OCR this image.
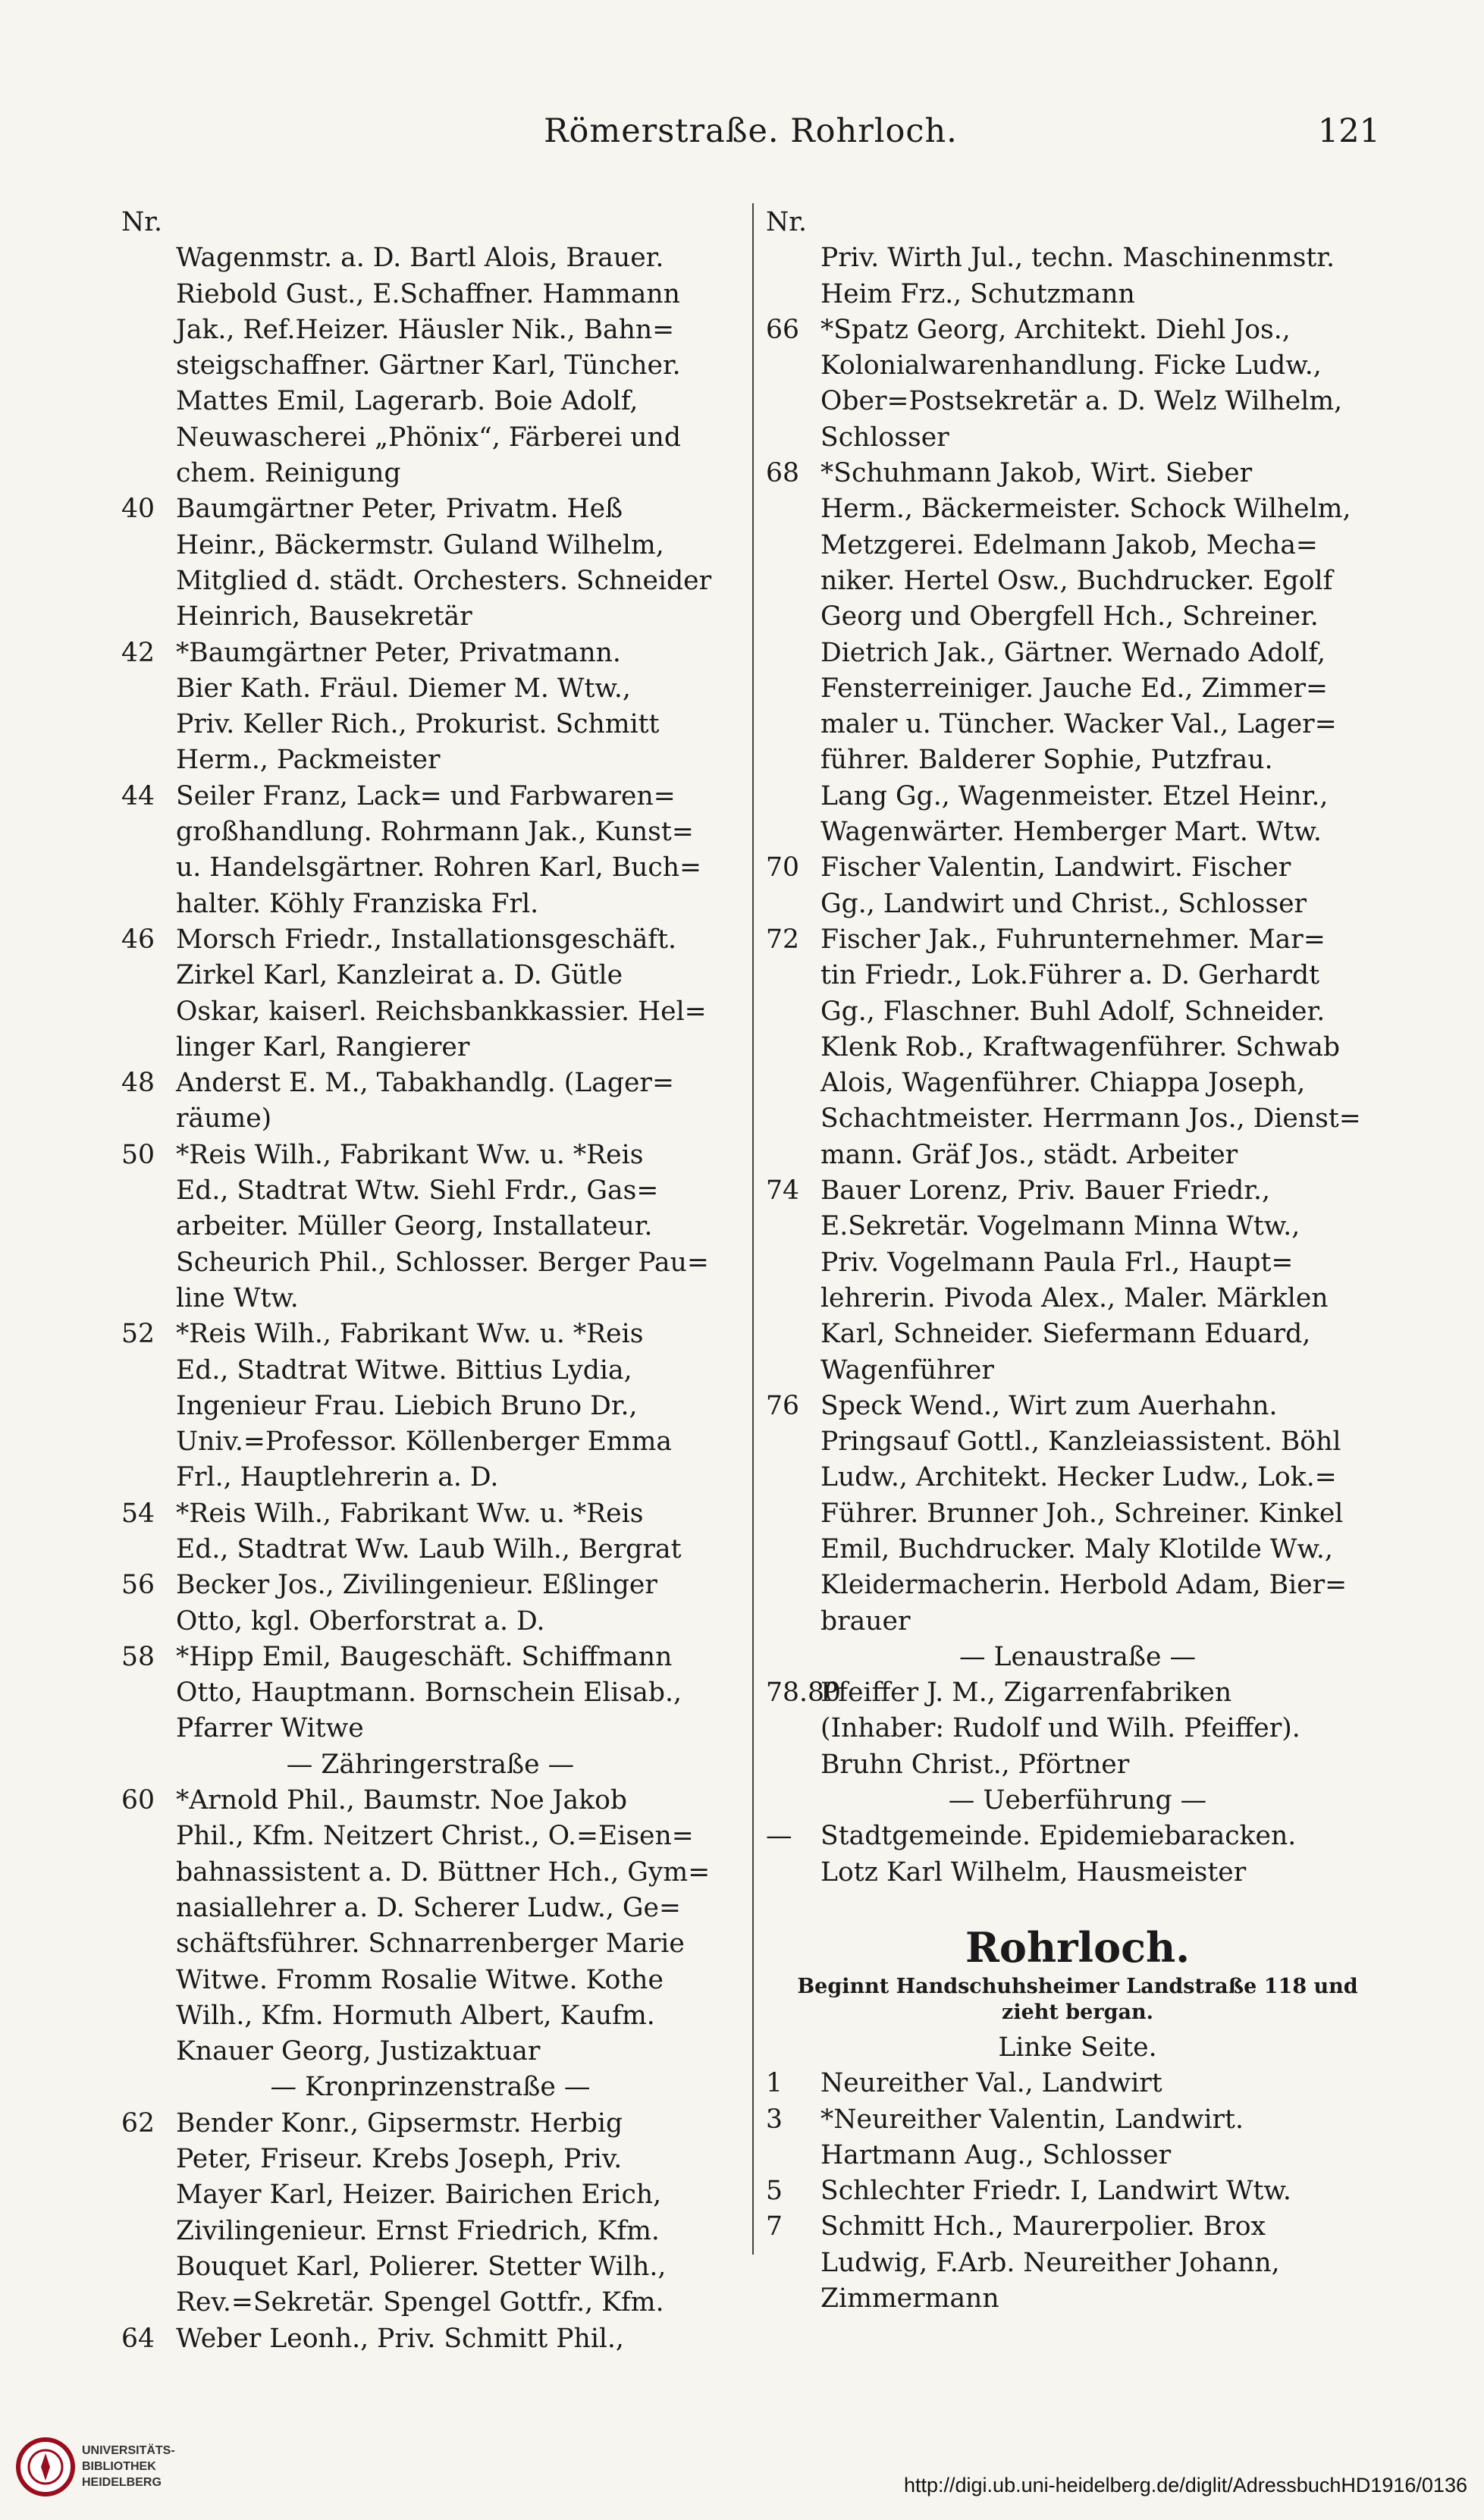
Römerstraße. Rohrloch.	121
Nr.
Wagenmstr. a. D. Bartl Alois, Brauer.
Riebold Gust., E.Schaffner. Hammann
Jak., Ref.Heizer. Häusler Nik., Bahn=
steigschaffner. Gärtner Karl, Tüncher.
Mattes Emil, Lagerarb. Boie Adolf,
Neuwascherei „Phönix“, Färberei und
chem. Reinigung
40 Baumgärtner Peter, Privatm. Heß
Heinr., Bäckermstr. Guland Wilhelm,
Mitglied d. städt. Orchesters. Schneider
Heinrich, Bausekretär
42 *Baumgärtner Peter, Privatmann.
Bier Kath. Fräul. Diemer M. Wtw.,
Priv. Keller Rich., Prokurist. Schmitt
Herm., Packmeister
44 Seiler Franz, Lack= und Farbwaren=
großhandlung. Rohrmann Jak., Kunst=
u. Handelsgärtner. Rohren Karl, Buch=
halter. Köhly Franziska Frl.
46 Morsch Friedr., Installationsgeschäft.
Zirkel Karl, Kanzleirat a. D. Gütle
Oskar, kaiserl. Reichsbankkassier. Hel=
linger Karl, Rangierer
48 Anderst E. M., Tabakhandlg. (Lager=
räume)
50 *Reis Wilh., Fabrikant Ww. u. *Reis
Ed., Stadtrat Wtw. Siehl Frdr., Gas=
arbeiter. Müller Georg, Installateur.
Scheurich Phil., Schlosser. Berger Pau=
line Wtw.
52 *Reis Wilh., Fabrikant Ww. u. *Reis
Ed., Stadtrat Witwe. Bittius Lydia,
Ingenieur Frau. Liebich Bruno Dr.,
Univ.=Professor. Köllenberger Emma
Frl., Hauptlehrerin a. D.
54 *Reis Wilh., Fabrikant Ww. u. *Reis
Ed., Stadtrat Ww. Laub Wilh., Bergrat
56 Becker Jos., Zivilingenieur. Eßlinger
Otto, kgl. Oberforstrat a. D.
58 *Hipp Emil, Baugeschäft. Schiffmann
Otto, Hauptmann. Bornschein Elisab.,
Pfarrer Witwe
— Zähringerstraße —
60 *Arnold Phil., Baumstr. Noe Jakob
Phil., Kfm. Neitzert Christ., O.=Eisen=
bahnassistent a. D. Büttner Hch., Gym=
nasiallehrer a. D. Scherer Ludw., Ge=
schäftsführer. Schnarrenberger Marie
Witwe. Fromm Rosalie Witwe. Kothe
Wilh., Kfm. Hormuth Albert, Kaufm.
Knauer Georg, Justizaktuar
— Kronprinzenstraße —
62 Bender Konr., Gipsermstr. Herbig
Peter, Friseur. Krebs Joseph, Priv.
Mayer Karl, Heizer. Bairichen Erich,
Zivilingenieur. Ernst Friedrich, Kfm.
Bouquet Karl, Polierer. Stetter Wilh.,
Rev.=Sekretär. Spengel Gottfr., Kfm.
64 Weber Leonh., Priv. Schmitt Phil.,
Nr.
Priv. Wirth Jul., techn. Maschinenmstr.
Heim Frz., Schutzmann
66 *Spatz Georg, Architekt. Diehl Jos.,
Kolonialwarenhandlung. Ficke Ludw.,
Ober=Postsekretär a. D. Welz Wilhelm,
Schlosser
68 *Schuhmann Jakob, Wirt. Sieber
Herm., Bäckermeister. Schock Wilhelm,
Metzgerei. Edelmann Jakob, Mecha=
niker. Hertel Osw., Buchdrucker. Egolf
Georg und Obergfell Hch., Schreiner.
Dietrich Jak., Gärtner. Wernado Adolf,
Fensterreiniger. Jauche Ed., Zimmer=
maler u. Tüncher. Wacker Val., Lager=
führer. Balderer Sophie, Putzfrau.
Lang Gg., Wagenmeister. Etzel Heinr.,
Wagenwärter. Hemberger Mart. Wtw.
70 Fischer Valentin, Landwirt. Fischer
Gg., Landwirt und Christ., Schlosser
72 Fischer Jak., Fuhrunternehmer. Mar=
tin Friedr., Lok.Führer a. D. Gerhardt
Gg., Flaschner. Buhl Adolf, Schneider.
Klenk Rob., Kraftwagenführer. Schwab
Alois, Wagenführer. Chiappa Joseph,
Schachtmeister. Herrmann Jos., Dienst=
mann. Gräf Jos., städt. Arbeiter
74 Bauer Lorenz, Priv. Bauer Friedr.,
E.Sekretär. Vogelmann Minna Wtw.,
Priv. Vogelmann Paula Frl., Haupt=
lehrerin. Pivoda Alex., Maler. Märklen
Karl, Schneider. Siefermann Eduard,
Wagenführer
76 Speck Wend., Wirt zum Auerhahn.
Pringsauf Gottl., Kanzleiassistent. Böhl
Ludw., Architekt. Hecker Ludw., Lok.=
Führer. Brunner Joh., Schreiner. Kinkel
Emil, Buchdrucker. Maly Klotilde Ww.,
Kleidermacherin. Herbold Adam, Bier=
brauer
— Lenaustraße —
78.80
Pfeiffer J. M., Zigarrenfabriken
(Inhaber: Rudolf und Wilh. Pfeiffer).
Bruhn Christ., Pförtner
— Ueberführung —
—	Stadtgemeinde. Epidemiebaracken.
Lotz Karl Wilhelm, Hausmeister
Rohrloch.
Beginnt Handschuhsheimer Landstraße 118 und
zieht bergan.
Linke Seite.
1	Neureither Val., Landwirt
3	*Neureither Valentin, Landwirt.
Hartmann Aug., Schlosser
5	Schlechter Friedr. I, Landwirt Wtw.
7	Schmitt Hch., Maurerpolier. Brox
Ludwig, F.Arb. Neureither Johann,
Zimmermann
UNIVERSITÄTS-
BIBLIOTHEK
HEIDELBERG	http://digi.ub.uni-heidelberg.de/diglit/AdressbuchHD1916/0136
